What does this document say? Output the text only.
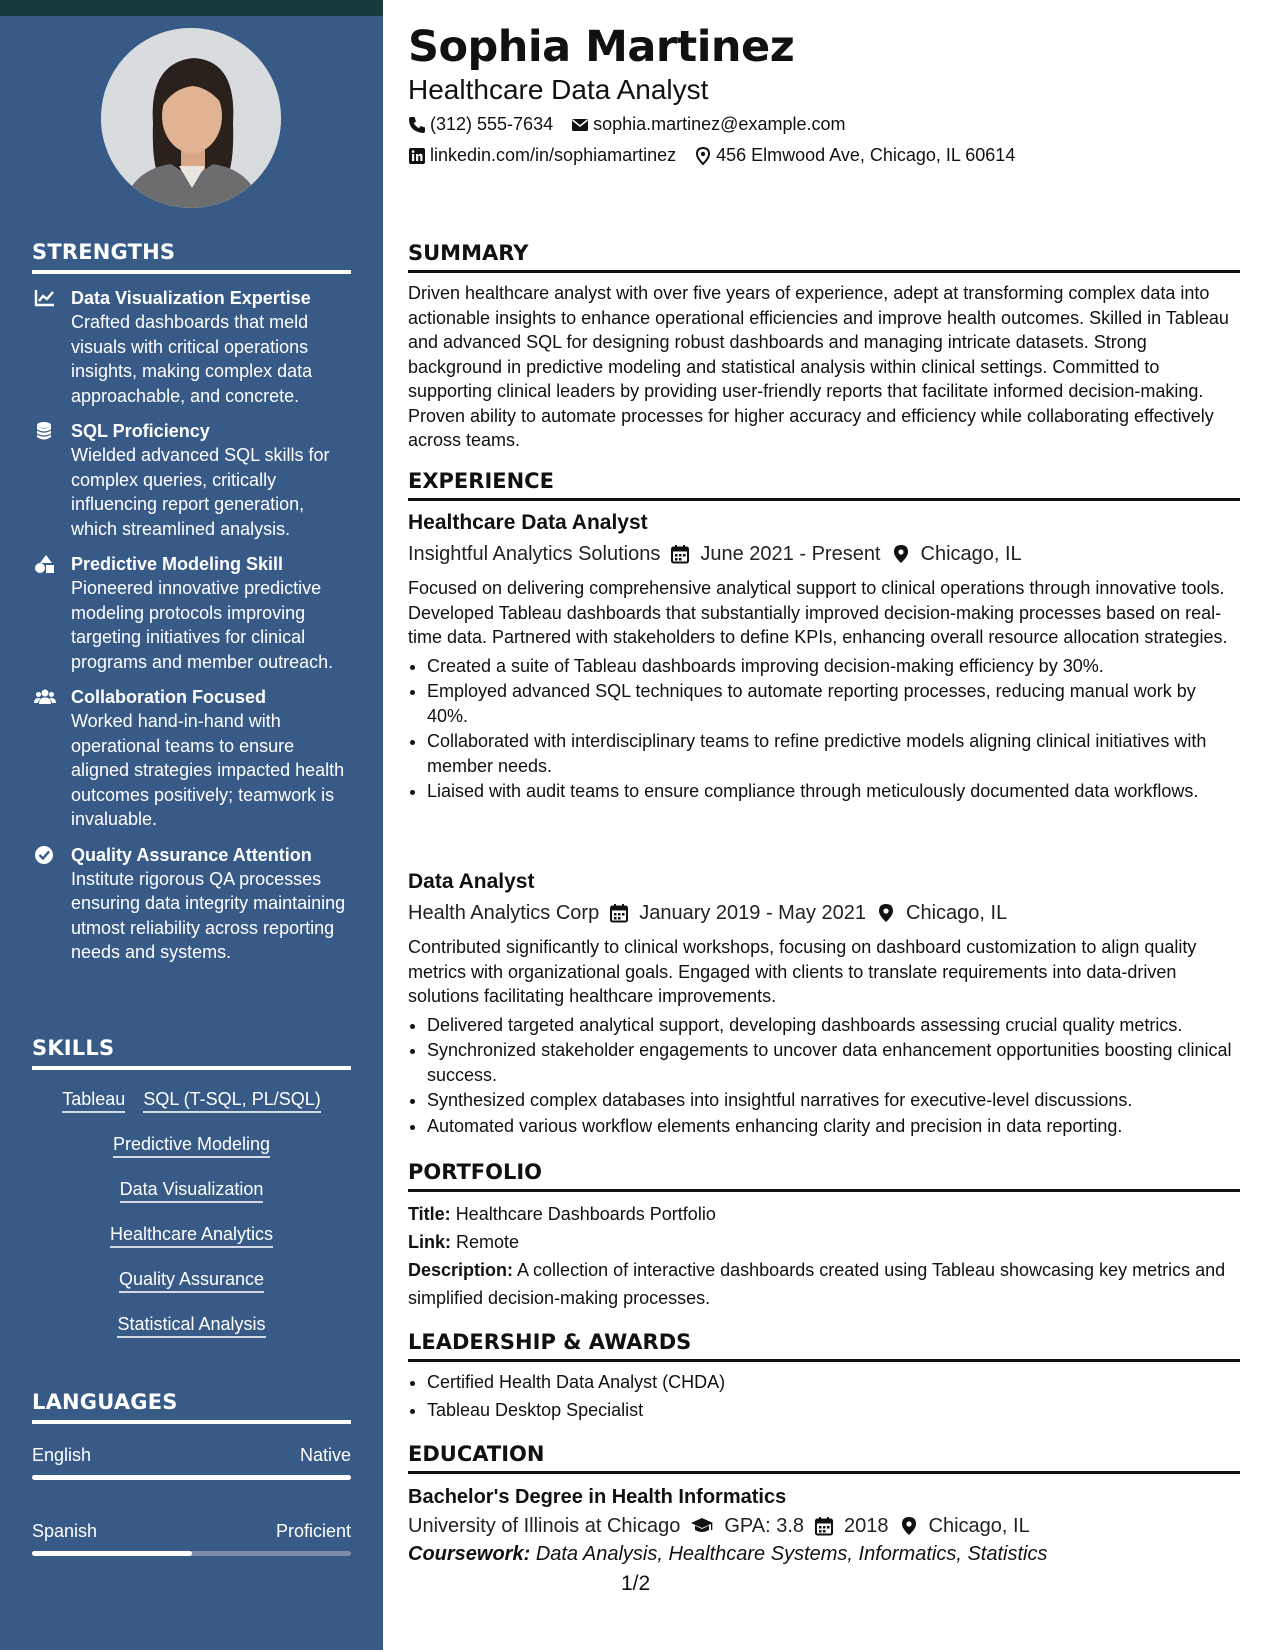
STRENGTHS
Data Visualization Expertise
Crafted dashboards that meld visuals with critical operations insights, making complex data approachable, and concrete.
SQL Proficiency
Wielded advanced SQL skills for complex queries, critically influencing report generation, which streamlined analysis.
Predictive Modeling Skill
Pioneered innovative predictive modeling protocols improving targeting initiatives for clinical programs and member outreach.
Collaboration Focused
Worked hand-in-hand with operational teams to ensure aligned strategies impacted health outcomes positively; teamwork is invaluable.
Quality Assurance Attention
Institute rigorous QA processes ensuring data integrity maintaining utmost reliability across reporting needs and systems.
SKILLS
Tableau SQL (T-SQL, PL/SQL)
Predictive Modeling
Data Visualization
Healthcare Analytics
Quality Assurance
Statistical Analysis
LANGUAGES
English	Native
Spanish	Proficient
Sophia Martinez
Healthcare Data Analyst
(312) 555-7634 sophia.martinez@example.com
linkedin.com/in/sophiamartinez 456 Elmwood Ave, Chicago, IL 60614
SUMMARY
Driven healthcare analyst with over five years of experience, adept at transforming complex data into actionable insights to enhance operational efficiencies and improve health outcomes. Skilled in Tableau and advanced SQL for designing robust dashboards and managing intricate datasets. Strong background in predictive modeling and statistical analysis within clinical settings. Committed to supporting clinical leaders by providing user-friendly reports that facilitate informed decision-making. Proven ability to automate processes for higher accuracy and efficiency while collaborating effectively across teams.
EXPERIENCE
Healthcare Data Analyst
Insightful Analytics Solutions June 2021 - Present Chicago, IL
Focused on delivering comprehensive analytical support to clinical operations through innovative tools. Developed Tableau dashboards that substantially improved decision-making processes based on real-time data. Partnered with stakeholders to define KPIs, enhancing overall resource allocation strategies.
• Created a suite of Tableau dashboards improving decision-making efficiency by 30%.
• Employed advanced SQL techniques to automate reporting processes, reducing manual work by 40%.
• Collaborated with interdisciplinary teams to refine predictive models aligning clinical initiatives with member needs.
• Liaised with audit teams to ensure compliance through meticulously documented data workflows.
Data Analyst
Health Analytics Corp January 2019 - May 2021 Chicago, IL
Contributed significantly to clinical workshops, focusing on dashboard customization to align quality metrics with organizational goals. Engaged with clients to translate requirements into data-driven solutions facilitating healthcare improvements.
• Delivered targeted analytical support, developing dashboards assessing crucial quality metrics.
• Synchronized stakeholder engagements to uncover data enhancement opportunities boosting clinical success.
• Synthesized complex databases into insightful narratives for executive-level discussions.
• Automated various workflow elements enhancing clarity and precision in data reporting.
PORTFOLIO
Title: Healthcare Dashboards Portfolio
Link: Remote
Description: A collection of interactive dashboards created using Tableau showcasing key metrics and simplified decision-making processes.
LEADERSHIP & AWARDS
• Certified Health Data Analyst (CHDA)
• Tableau Desktop Specialist
EDUCATION
Bachelor's Degree in Health Informatics
University of Illinois at Chicago GPA: 3.8 2018 Chicago, IL
Coursework: Data Analysis, Healthcare Systems, Informatics, Statistics
1/2
